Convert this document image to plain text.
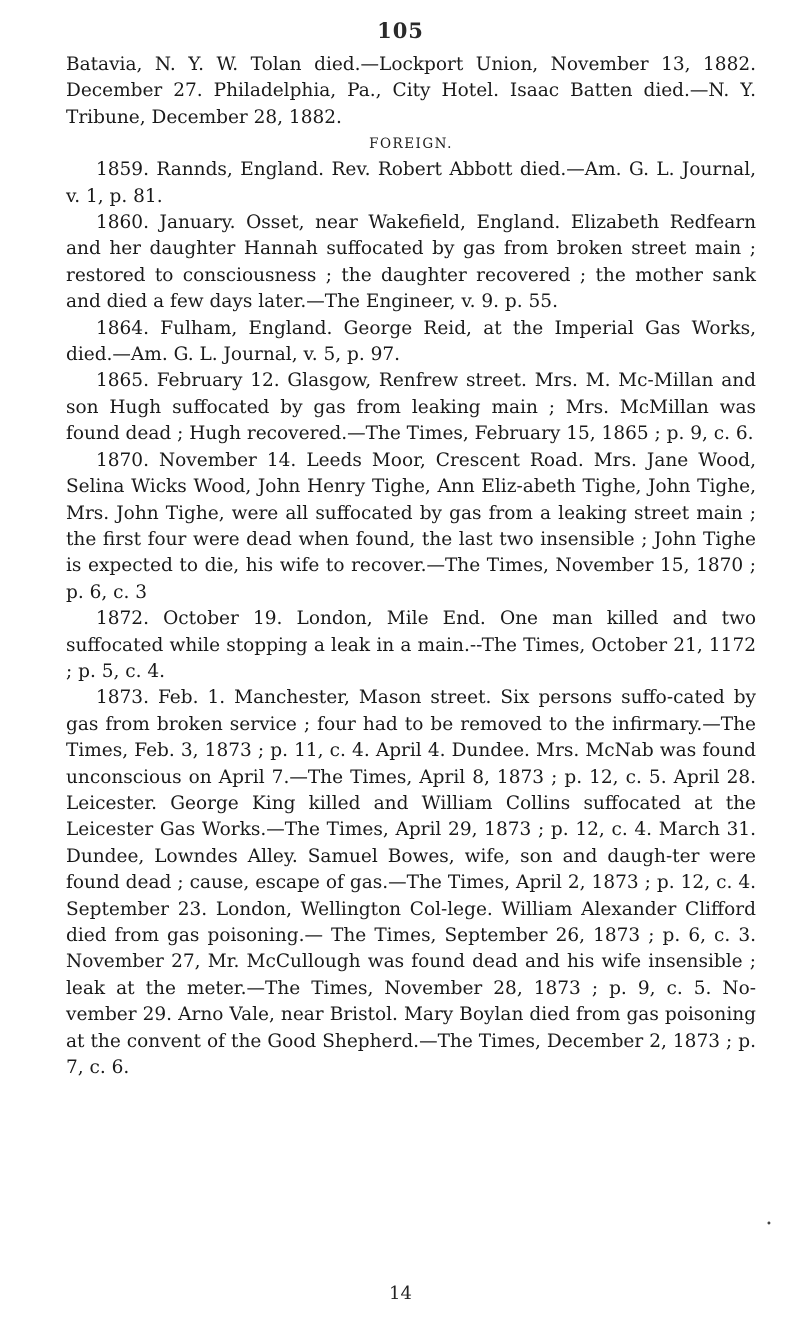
105

Batavia, N. Y. W. Tolan died.—Lockport Union, November 13, 1882. December 27. Philadelphia, Pa., City Hotel. Isaac Batten died.—N. Y. Tribune, December 28, 1882.

FOREIGN.

1859. Rannds, England. Rev. Robert Abbott died.—Am. G. L. Journal, v. 1, p. 81.

1860. January. Osset, near Wakefield, England. Elizabeth Redfearn and her daughter Hannah suffocated by gas from broken street main ; restored to consciousness ; the daughter recovered ; the mother sank and died a few days later.—The Engineer, v. 9. p. 55.

1864. Fulham, England. George Reid, at the Imperial Gas Works, died.—Am. G. L. Journal, v. 5, p. 97.

1865. February 12. Glasgow, Renfrew street. Mrs. M. Mc-Millan and son Hugh suffocated by gas from leaking main ; Mrs. McMillan was found dead ; Hugh recovered.—The Times, February 15, 1865 ; p. 9, c. 6.

1870. November 14. Leeds Moor, Crescent Road. Mrs. Jane Wood, Selina Wicks Wood, John Henry Tighe, Ann Eliz-abeth Tighe, John Tighe, Mrs. John Tighe, were all suffocated by gas from a leaking street main ; the first four were dead when found, the last two insensible ; John Tighe is expected to die, his wife to recover.—The Times, November 15, 1870 ; p. 6, c. 3

1872. October 19. London, Mile End. One man killed and two suffocated while stopping a leak in a main.--The Times, October 21, 1172 ; p. 5, c. 4.

1873. Feb. 1. Manchester, Mason street. Six persons suffo-cated by gas from broken service ; four had to be removed to the infirmary.—The Times, Feb. 3, 1873 ; p. 11, c. 4. April 4. Dundee. Mrs. McNab was found unconscious on April 7.—The Times, April 8, 1873 ; p. 12, c. 5. April 28. Leicester. George King killed and William Collins suffocated at the Leicester Gas Works.—The Times, April 29, 1873 ; p. 12, c. 4. March 31. Dundee, Lowndes Alley. Samuel Bowes, wife, son and daugh-ter were found dead ; cause, escape of gas.—The Times, April 2, 1873 ; p. 12, c. 4. September 23. London, Wellington Col-lege. William Alexander Clifford died from gas poisoning.— The Times, September 26, 1873 ; p. 6, c. 3. November 27, Mr. McCullough was found dead and his wife insensible ; leak at the meter.—The Times, November 28, 1873 ; p. 9, c. 5. No-vember 29. Arno Vale, near Bristol. Mary Boylan died from gas poisoning at the convent of the Good Shepherd.—The Times, December 2, 1873 ; p. 7, c. 6.

•
14
